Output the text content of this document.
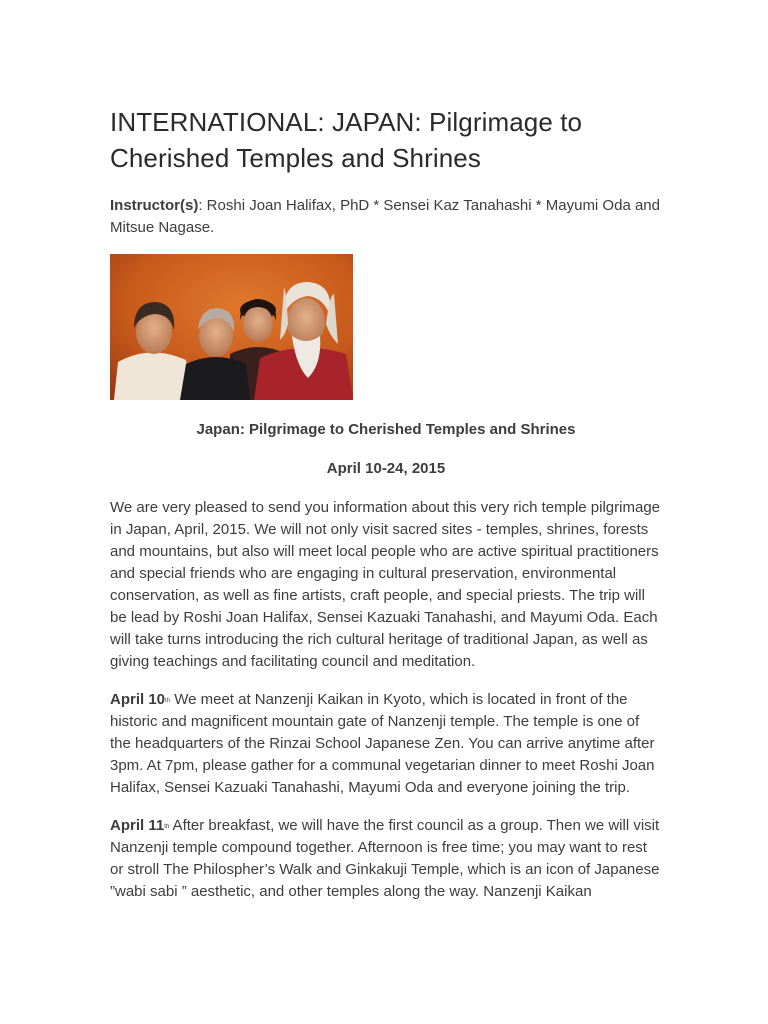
INTERNATIONAL: JAPAN: Pilgrimage to
Cherished Temples and Shrines

Instructor(s): Roshi Joan Halifax, PhD * Sensei Kaz Tanahashi * Mayumi Oda and Mitsue Nagase.

Japan: Pilgrimage to Cherished Temples and Shrines

April 10-24, 2015

We are very pleased to send you information about this very rich temple pilgrimage in Japan, April, 2015. We will not only visit sacred sites - temples, shrines, forests and mountains, but also will meet local people who are active spiritual practitioners and special friends who are engaging in cultural preservation, environmental conservation, as well as fine artists, craft people, and special priests. The trip will be lead by Roshi Joan Halifax, Sensei Kazuaki Tanahashi, and Mayumi Oda. Each will take turns introducing the rich cultural heritage of traditional Japan, as well as giving teachings and facilitating council and meditation.

April 10th We meet at Nanzenji Kaikan in Kyoto, which is located in front of the historic and magnificent mountain gate of Nanzenji temple. The temple is one of the headquarters of the Rinzai School Japanese Zen. You can arrive anytime after 3pm. At 7pm, please gather for a communal vegetarian dinner to meet Roshi Joan Halifax, Sensei Kazuaki Tanahashi, Mayumi Oda and everyone joining the trip.

April 11th After breakfast, we will have the first council as a group. Then we will visit Nanzenji temple compound together. Afternoon is free time; you may want to rest or stroll The Philospher’s Walk and Ginkakuji Temple, which is an icon of Japanese ”wabi sabi ” aesthetic, and other temples along the way. Nanzenji Kaikan
